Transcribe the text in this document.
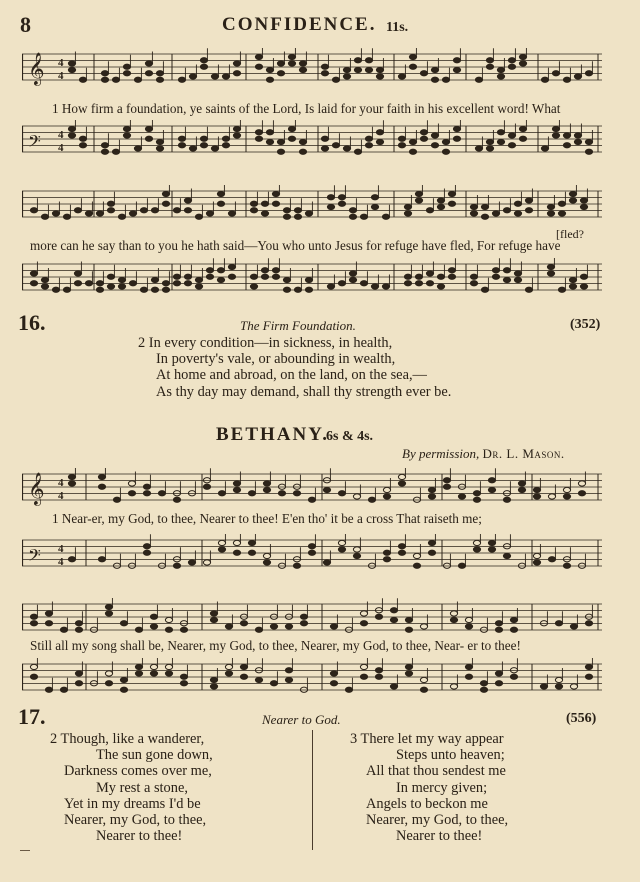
8	CONFIDENCE. 11s.
𝄞 4
4
1 How firm a foundation, ye saints of the Lord, Is laid for your faith in his excellent word! What
𝄢 4
4
[fled?
more can he say than to you he hath said—You who unto Jesus for refuge have fled, For refuge have
16.	The Firm Foundation.	(352)
2 In every condition—in sickness, in health,
In poverty's vale, or abounding in wealth,
At home and abroad, on the land, on the sea,—
As thy day may demand, shall thy strength ever be.
BETHANY.
6s & 4s.
By permission, Dr. L. Mason.
𝄞 4
4
1 Near-er, my God, to thee, Nearer to thee! E'en tho' it be a cross That raiseth me;
𝄢 4
4
Still all my song shall be, Nearer, my God, to thee, Nearer, my God, to thee, Near- er to thee!
17.	Nearer to God.	(556)
2 Though, like a wanderer,
The sun gone down,
Darkness comes over me,
My rest a stone,
Yet in my dreams I'd be
Nearer, my God, to thee,
Nearer to thee!
3 There let my way appear
Steps unto heaven;
All that thou sendest me
In mercy given;
Angels to beckon me
Nearer, my God, to thee,
Nearer to thee!
